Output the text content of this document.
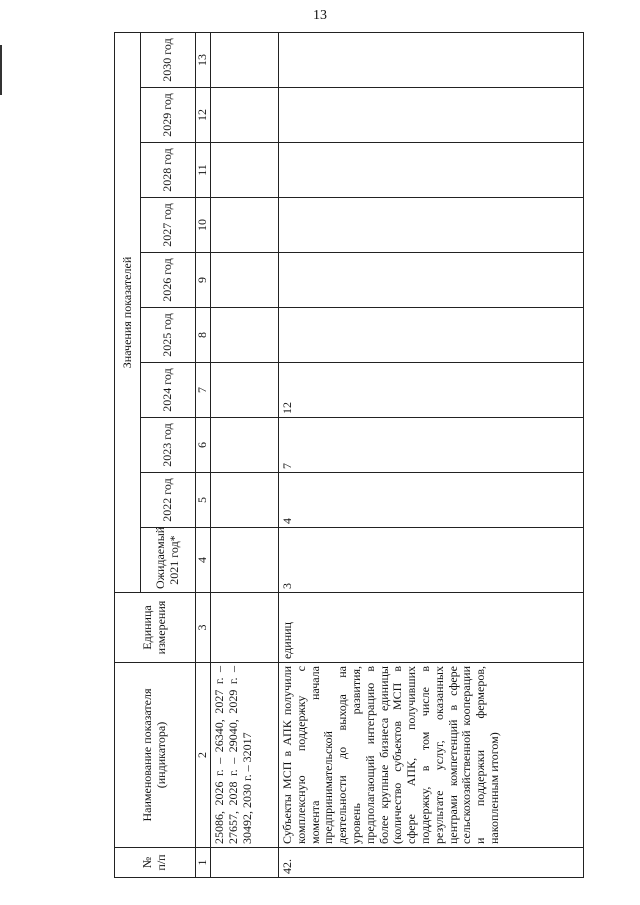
13
№ п/п	Наименование показателя (индикатора)	Единица измерения	Значения показателей									
			Ожидаемый 2021 год*	2022 год	2023 год	2024 год	2025 год	2026 год	2027 год	2028 год	2029 год	2030 год
1	2	3	4	5	6	7	8	9	10	11	12	13
	25086, 2026 г. – 26340, 2027 г. – 27657, 2028 г. – 29040, 2029 г. – 30492, 2030 г. – 32017											
42.	Субъекты МСП в АПК получили комплексную поддержку с момента начала предпринимательской деятельности до выхода на уровень развития, предполагающий интеграцию в более крупные бизнеса единицы (количество субъектов МСП в сфере АПК, получивших поддержку, в том числе в результате услуг, оказанных центрами компетенций в сфере сельскохозяйственной кооперации и поддержки фермеров, накопленным итогом)	единиц	3	4	7	12						
